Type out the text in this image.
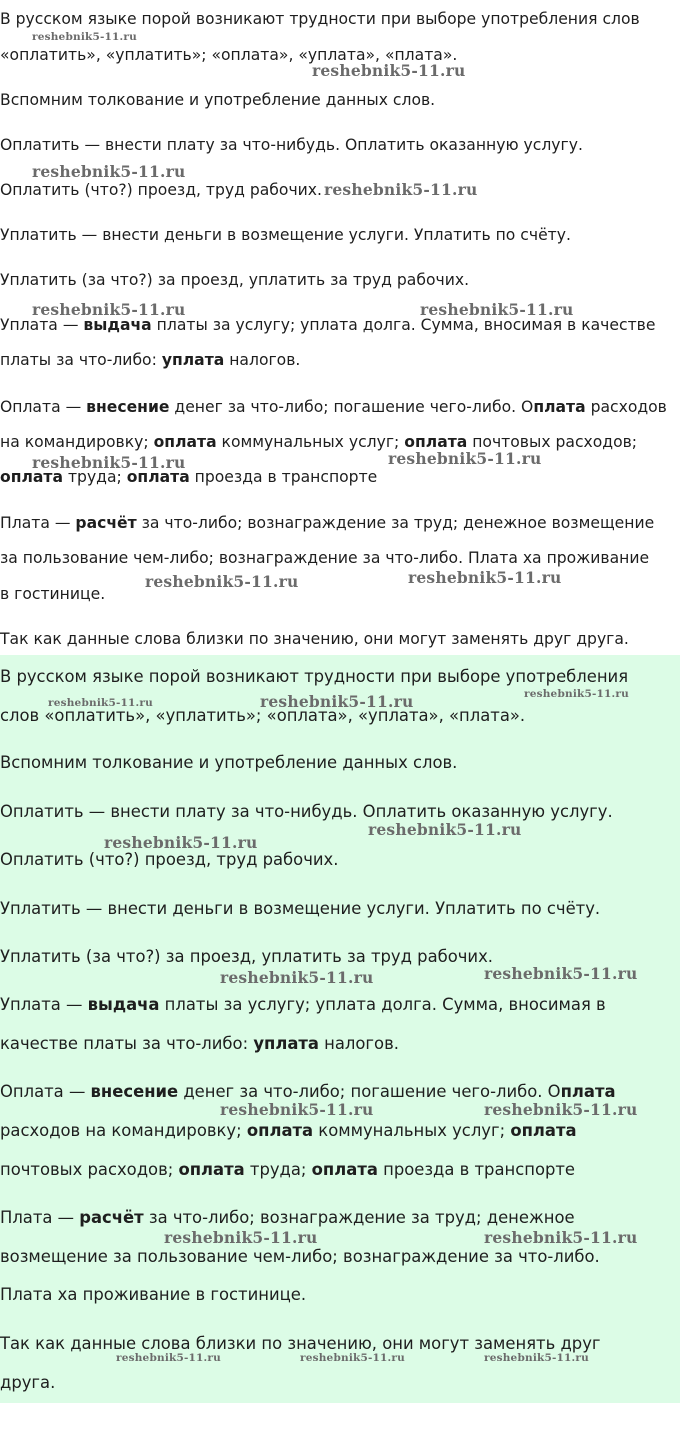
В русском языке порой возникают трудности при выборе употребления слов

«оплатить», «уплатить»; «оплата», «уплата», «плата».

Вспомним толкование и употребление данных слов.

Оплатить — внести плату за что-нибудь. Оплатить оказанную услугу.

Оплатить (что?) проезд, труд рабочих.

Уплатить — внести деньги в возмещение услуги. Уплатить по счёту.

Уплатить (за что?) за проезд, уплатить за труд рабочих.

Уплата — выдача платы за услугу; уплата долга. Сумма, вносимая в качестве

платы за что-либо: уплата налогов.

Оплата — внесение денег за что-либо; погашение чего-либо. Оплата расходов

на командировку; оплата коммунальных услуг; оплата почтовых расходов;

оплата труда; оплата проезда в транспорте

Плата — расчёт за что-либо; вознаграждение за труд; денежное возмещение

за пользование чем-либо; вознаграждение за что-либо. Плата ха проживание

в гостинице.

Так как данные слова близки по значению, они могут заменять друг друга.

reshebnik5-11.ru
reshebnik5-11.ru
reshebnik5-11.ru
reshebnik5-11.ru
reshebnik5-11.ru	reshebnik5-11.ru
reshebnik5-11.ru	reshebnik5-11.ru
reshebnik5-11.ru	reshebnik5-11.ru

В русском языке порой возникают трудности при выборе употребления

слов «оплатить», «уплатить»; «оплата», «уплата», «плата».

Вспомним толкование и употребление данных слов.

Оплатить — внести плату за что-нибудь. Оплатить оказанную услугу.

Оплатить (что?) проезд, труд рабочих.

Уплатить — внести деньги в возмещение услуги. Уплатить по счёту.

Уплатить (за что?) за проезд, уплатить за труд рабочих.

Уплата — выдача платы за услугу; уплата долга. Сумма, вносимая в

качестве платы за что-либо: уплата налогов.

Оплата — внесение денег за что-либо; погашение чего-либо. Оплата

расходов на командировку; оплата коммунальных услуг; оплата

почтовых расходов; оплата труда; оплата проезда в транспорте

Плата — расчёт за что-либо; вознаграждение за труд; денежное

возмещение за пользование чем-либо; вознаграждение за что-либо.

Плата ха проживание в гостинице.

Так как данные слова близки по значению, они могут заменять друг

друга.

reshebnik5-11.ru	reshebnik5-11.ru	reshebnik5-11.ru
reshebnik5-11.ru
reshebnik5-11.ru
reshebnik5-11.ru	reshebnik5-11.ru
reshebnik5-11.ru	reshebnik5-11.ru
reshebnik5-11.ru	reshebnik5-11.ru
reshebnik5-11.ru	reshebnik5-11.ru	reshebnik5-11.ru
